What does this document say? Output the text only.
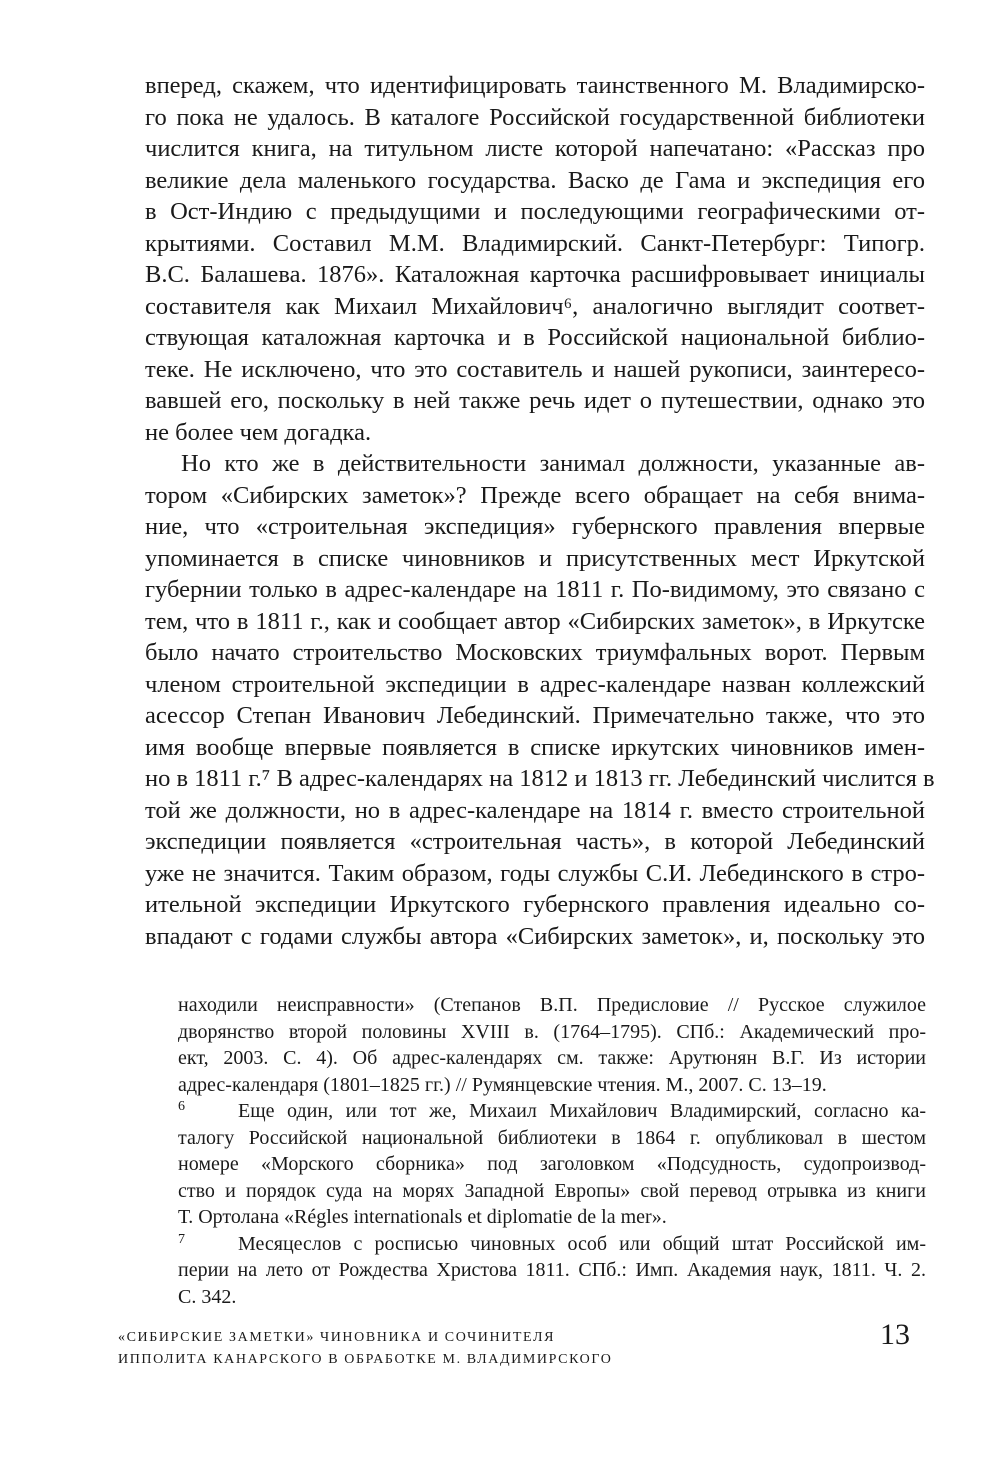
вперед, скажем, что идентифицировать таинственного М. Владимирско-
го пока не удалось. В каталоге Российской государственной библиотеки
числится книга, на титульном листе которой напечатано: «Рассказ про
великие дела маленького государства. Васко де Гама и экспедиция его
в Ост-Индию с предыдущими и последующими географическими от-
крытиями. Составил М.М. Владимирский. Санкт-Петербург: Типогр.
В.С. Балашева. 1876». Каталожная карточка расшифровывает инициалы
составителя как Михаил Михайлович⁶, аналогично выглядит соответ-
ствующая каталожная карточка и в Российской национальной библио-
теке. Не исключено, что это составитель и нашей рукописи, заинтересо-
вавшей его, поскольку в ней также речь идет о путешествии, однако это
не более чем догадка.
Но кто же в действительности занимал должности, указанные ав-
тором «Сибирских заметок»? Прежде всего обращает на себя внима-
ние, что «строительная экспедиция» губернского правления впервые
упоминается в списке чиновников и присутственных мест Иркутской
губернии только в адрес-календаре на 1811 г. По-видимому, это связано с
тем, что в 1811 г., как и сообщает автор «Сибирских заметок», в Иркутске
было начато строительство Московских триумфальных ворот. Первым
членом строительной экспедиции в адрес-календаре назван коллежский
асессор Степан Иванович Лебединский. Примечательно также, что это
имя вообще впервые появляется в списке иркутских чиновников имен-
но в 1811 г.⁷ В адрес-календарях на 1812 и 1813 гг. Лебединский числится в
той же должности, но в адрес-календаре на 1814 г. вместо строительной
экспедиции появляется «строительная часть», в которой Лебединский
уже не значится. Таким образом, годы службы С.И. Лебединского в стро-
ительной экспедиции Иркутского губернского правления идеально со-
впадают с годами службы автора «Сибирских заметок», и, поскольку это
находили неисправности» (Степанов В.П. Предисловие // Русское служилое
дворянство второй половины XVIII в. (1764–1795). СПб.: Академический про-
ект, 2003. С. 4). Об адрес-календарях см. также: Арутюнян В.Г. Из истории
адрес-календаря (1801–1825 гг.) // Румянцевские чтения. М., 2007. С. 13–19.
6	Еще один, или тот же, Михаил Михайлович Владимирский, согласно ка-
талогу Российской национальной библиотеки в 1864 г. опубликовал в шестом
номере «Морского сборника» под заголовком «Подсудность, судопроизвод-
ство и порядок суда на морях Западной Европы» свой перевод отрывка из книги
Т. Ортолана «Régles internationals et diplomatie de la mer».
7	Месяцеслов с росписью чиновных особ или общий штат Российской им-
перии на лето от Рождества Христова 1811. СПб.: Имп. Академия наук, 1811. Ч. 2.
С. 342.
«СИБИРСКИЕ ЗАМЕТКИ» ЧИНОВНИКА И СОЧИНИТЕЛЯ
ИППОЛИТА КАНАРСКОГО В ОБРАБОТКЕ М. ВЛАДИМИРСКОГО
13
